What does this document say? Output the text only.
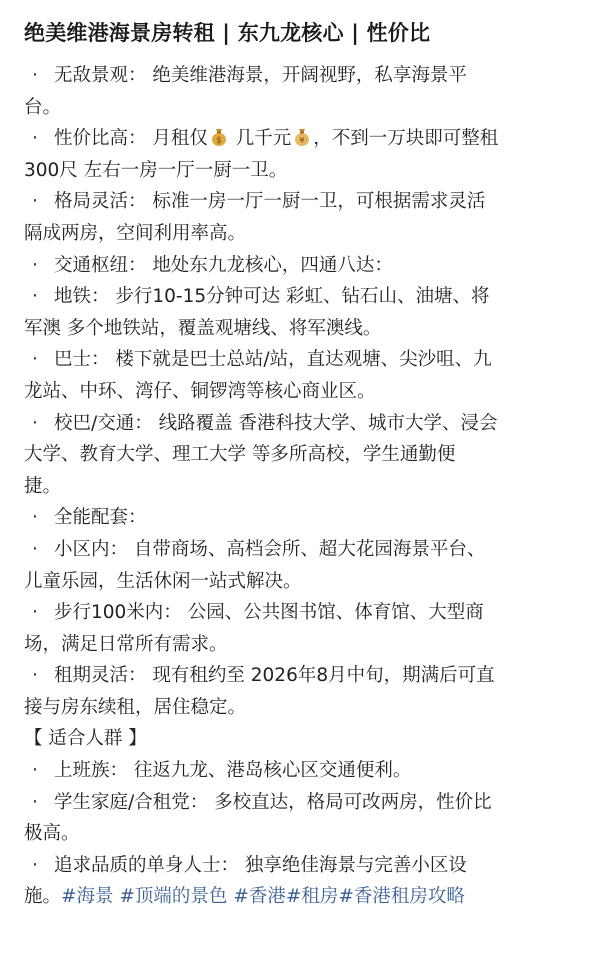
绝美维港海景房转租 | 东九龙核心 | 性价比

· 无敌景观： 绝美维港海景，开阔视野，私享海景平

台。

· 性价比高： 月租仅 $ 几千元 ¥ ，不到一万块即可整租

300尺 左右一房一厅一厨一卫。

· 格局灵活： 标准一房一厅一厨一卫，可根据需求灵活

隔成两房，空间利用率高。

· 交通枢纽： 地处东九龙核心，四通八达：

· 地铁： 步行10-15分钟可达 彩虹、钻石山、油塘、将

军澳 多个地铁站，覆盖观塘线、将军澳线。

· 巴士： 楼下就是巴士总站/站，直达观塘、尖沙咀、九

龙站、中环、湾仔、铜锣湾等核心商业区。

· 校巴/交通： 线路覆盖 香港科技大学、城市大学、浸会

大学、教育大学、理工大学 等多所高校，学生通勤便

捷。

· 全能配套：

· 小区内： 自带商场、高档会所、超大花园海景平台、

儿童乐园，生活休闲一站式解决。

· 步行100米内： 公园、公共图书馆、体育馆、大型商

场，满足日常所有需求。

· 租期灵活： 现有租约至 2026年8月中旬，期满后可直

接与房东续租，居住稳定。

【 适合人群 】

· 上班族： 往返九龙、港岛核心区交通便利。

· 学生家庭/合租党： 多校直达，格局可改两房，性价比

极高。

· 追求品质的单身人士： 独享绝佳海景与完善小区设

施。#海景 #顶端的景色 #香港#租房#香港租房攻略
